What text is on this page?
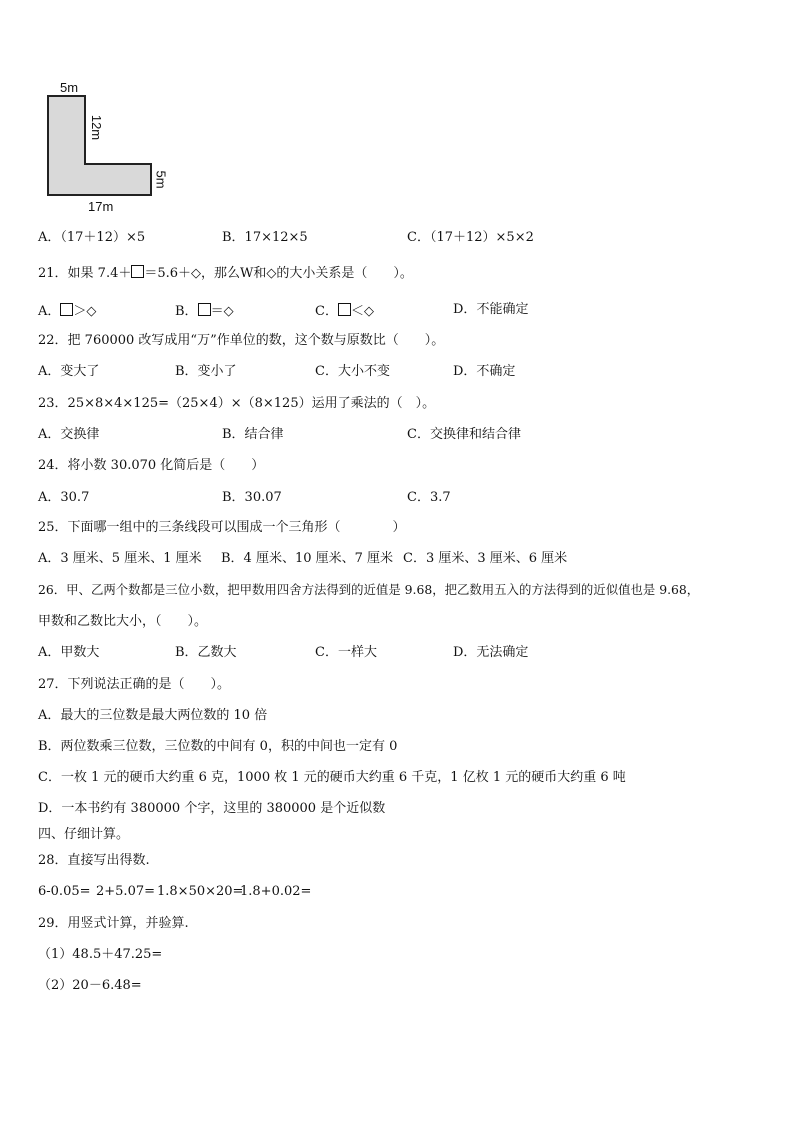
5m
12m
5m
17m
A．（17＋12）×5	B．17×12×5	C．（17＋12）×5×2
21．如果 7.4＋ ＝5.6＋◇，那么W和◇的大小关系是（　　）。
A． ＞◇	B． ＝◇	C． ＜◇	D．不能确定
22．把 760000 改写成用“万”作单位的数，这个数与原数比（　　）。
A．变大了	B．变小了	C．大小不变	D．不确定
23．25×8×4×125=（25×4）×（8×125）运用了乘法的（　）。
A．交换律	B．结合律	C．交换律和结合律
24．将小数 30.070 化简后是（　　）
A．30.7	B．30.07	C．3.7
25．下面哪一组中的三条线段可以围成一个三角形（　　　　）
A．3 厘米、5 厘米、1 厘米 B．4 厘米、10 厘米、7 厘米 C．3 厘米、3 厘米、6 厘米
26．甲、乙两个数都是三位小数，把甲数用四舍方法得到的近值是 9.68，把乙数用五入的方法得到的近似值也是 9.68，
甲数和乙数比大小，（　　）。
A．甲数大	B．乙数大	C．一样大	D．无法确定
27．下列说法正确的是（　　）。
A．最大的三位数是最大两位数的 10 倍
B．两位数乘三位数，三位数的中间有 0，积的中间也一定有 0
C．一枚 1 元的硬币大约重 6 克，1000 枚 1 元的硬币大约重 6 千克，1 亿枚 1 元的硬币大约重 6 吨
D．一本书约有 380000 个字，这里的 380000 是个近似数
四、仔细计算。
28．直接写出得数.
6-0.05= 2+5.07= 1.8×50×20=
1.8+0.02=
29．用竖式计算，并验算.
（1）48.5＋47.25=
（2）20－6.48=
